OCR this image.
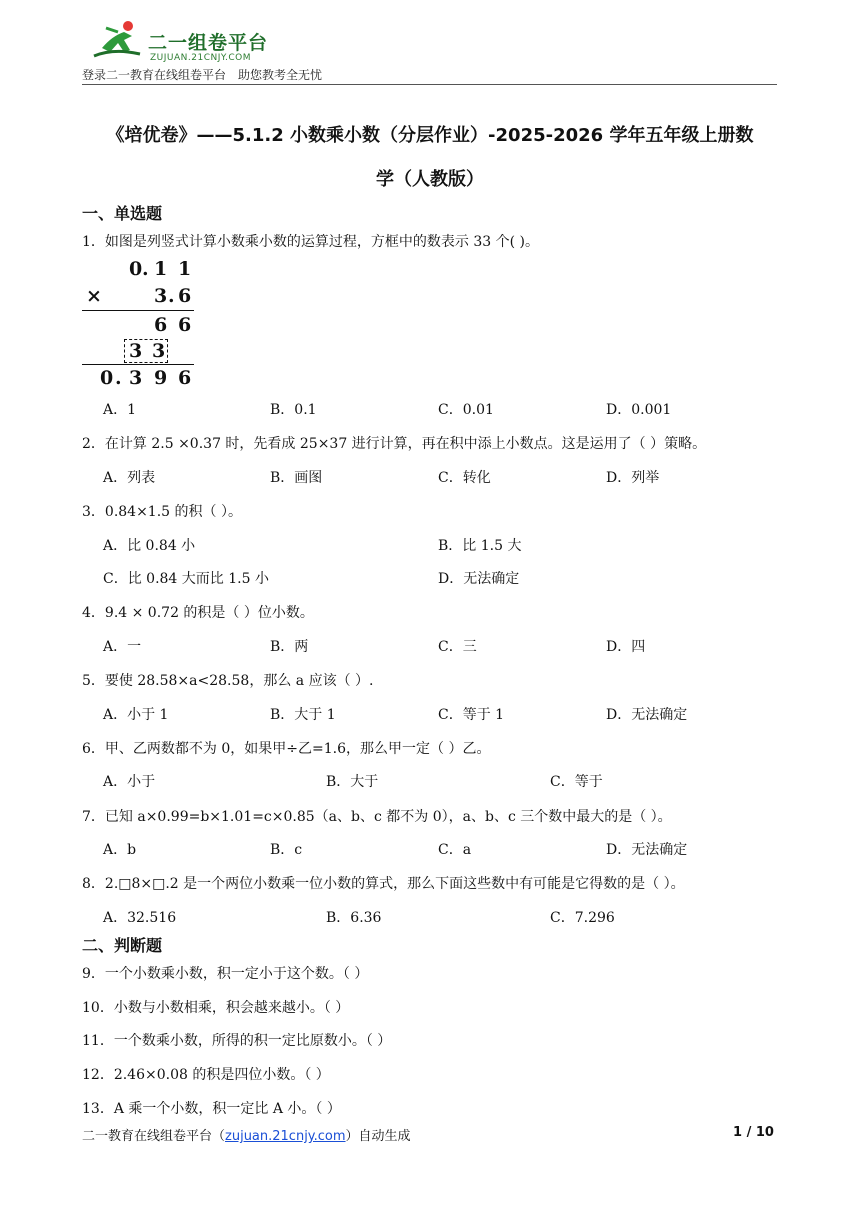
二一组卷平台
ZUJUAN.21CNJY.COM
登录二一教育在线组卷平台 助您教考全无忧
《培优卷》——5.1.2 小数乘小数（分层作业）-2025-2026 学年五年级上册数
学（人教版）
一、单选题
1．如图是列竖式计算小数乘小数的运算过程，方框中的数表示 33 个( )。
0 . 1 1
×	3 . 6
6 6
3 3
0 . 3 9 6
A．1	B．0.1	C．0.01	D．0.001
2．在计算 2.5 ×0.37 时，先看成 25×37 进行计算，再在积中添上小数点。这是运用了（ ）策略。
A．列表	B．画图	C．转化	D．列举
3．0.84×1.5 的积（ ）。
A．比 0.84 小	B．比 1.5 大
C．比 0.84 大而比 1.5 小	D．无法确定
4．9.4 × 0.72 的积是（ ）位小数。
A．一	B．两	C．三	D．四
5．要使 28.58×a<28.58，那么 a 应该（ ）.
A．小于 1	B．大于 1	C．等于 1	D．无法确定
6．甲、乙两数都不为 0，如果甲÷乙=1.6，那么甲一定（ ）乙。
A．小于	B．大于	C．等于
7．已知 a×0.99=b×1.01=c×0.85（a、b、c 都不为 0），a、b、c 三个数中最大的是（ ）。
A．b	B．c	C．a	D．无法确定
8．2.□8×□.2 是一个两位小数乘一位小数的算式，那么下面这些数中有可能是它得数的是（ ）。
A．32.516	B．6.36	C．7.296
二、判断题
9．一个小数乘小数，积一定小于这个数。（ ）
10．小数与小数相乘，积会越来越小。（ ）
11．一个数乘小数，所得的积一定比原数小。（ ）
12．2.46×0.08 的积是四位小数。（ ）
13．A 乘一个小数，积一定比 A 小。（ ）
二一教育在线组卷平台（zujuan.21cnjy.com）自动生成	1 / 10
